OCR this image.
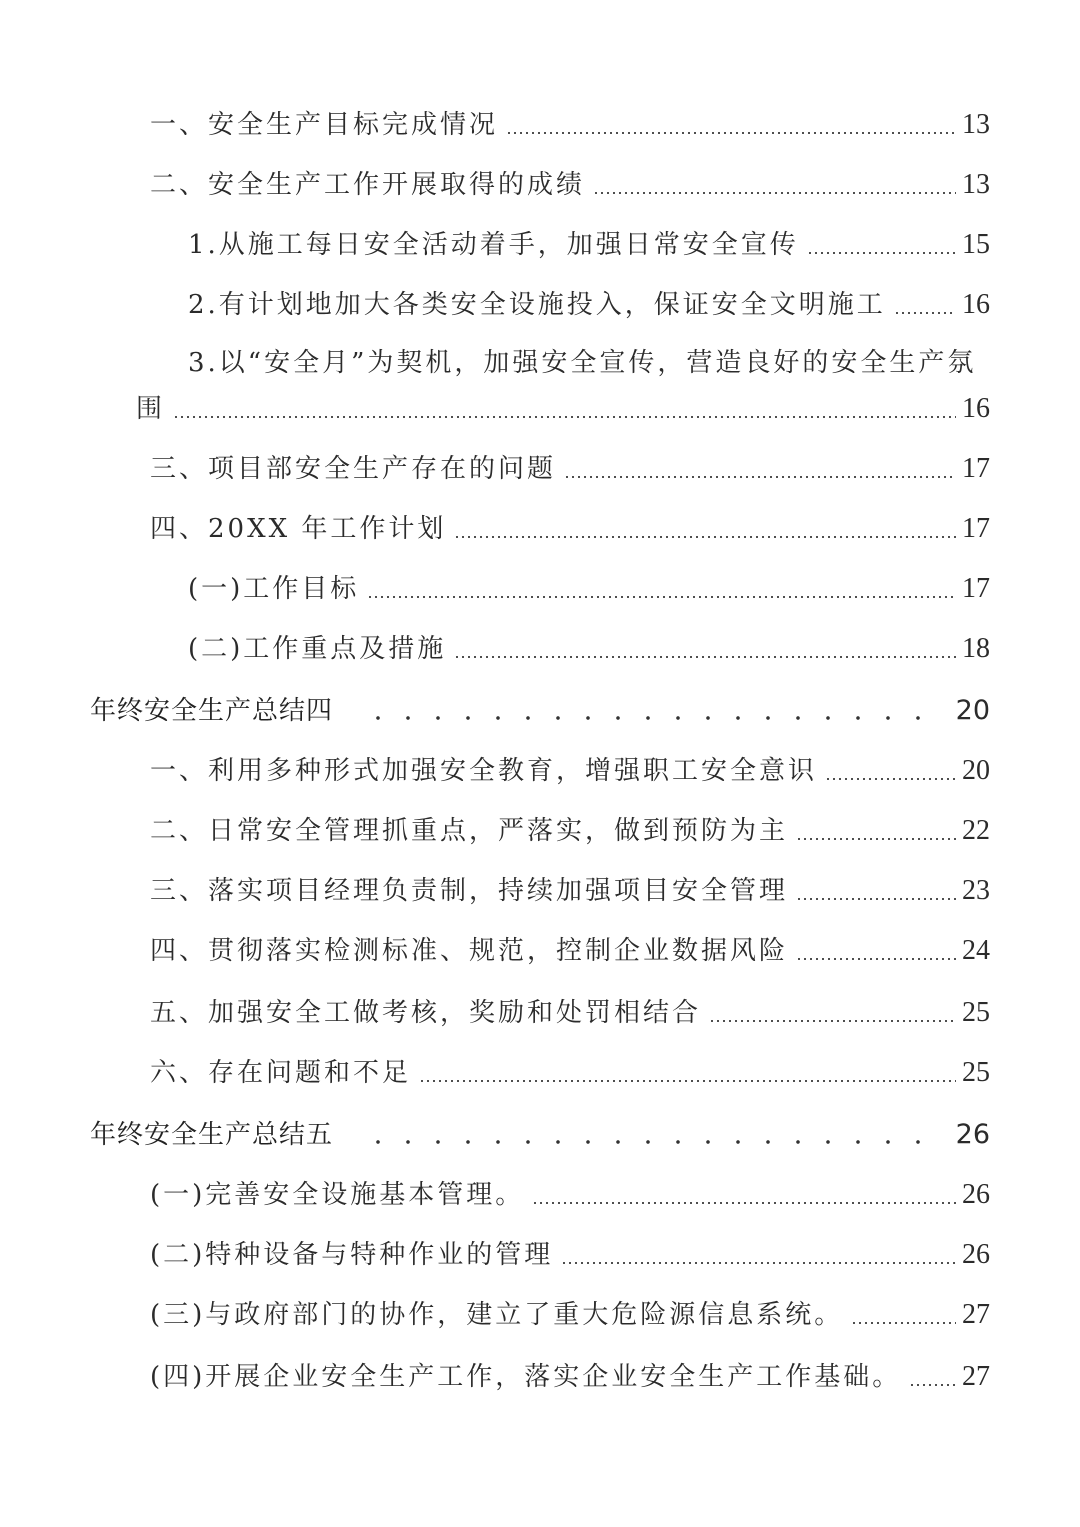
一、安全生产目标完成情况	13
二、安全生产工作开展取得的成绩	13
1.从施工每日安全活动着手，加强日常安全宣传	15
2.有计划地加大各类安全设施投入，保证安全文明施工	16
3.以“安全月”为契机，加强安全宣传，营造良好的安全生产氛
围	16
三、项目部安全生产存在的问题	17
四、20XX 年工作计划	17
(一)工作目标	17
(二)工作重点及措施	18
年终安全生产总结四	20
一、利用多种形式加强安全教育，增强职工安全意识	20
二、日常安全管理抓重点，严落实，做到预防为主	22
三、落实项目经理负责制，持续加强项目安全管理	23
四、贯彻落实检测标准、规范，控制企业数据风险	24
五、加强安全工做考核，奖励和处罚相结合	25
六、存在问题和不足	25
年终安全生产总结五	26
(一)完善安全设施基本管理。	26
(二)特种设备与特种作业的管理	26
(三)与政府部门的协作，建立了重大危险源信息系统。	27
(四)开展企业安全生产工作，落实企业安全生产工作基础。 27
